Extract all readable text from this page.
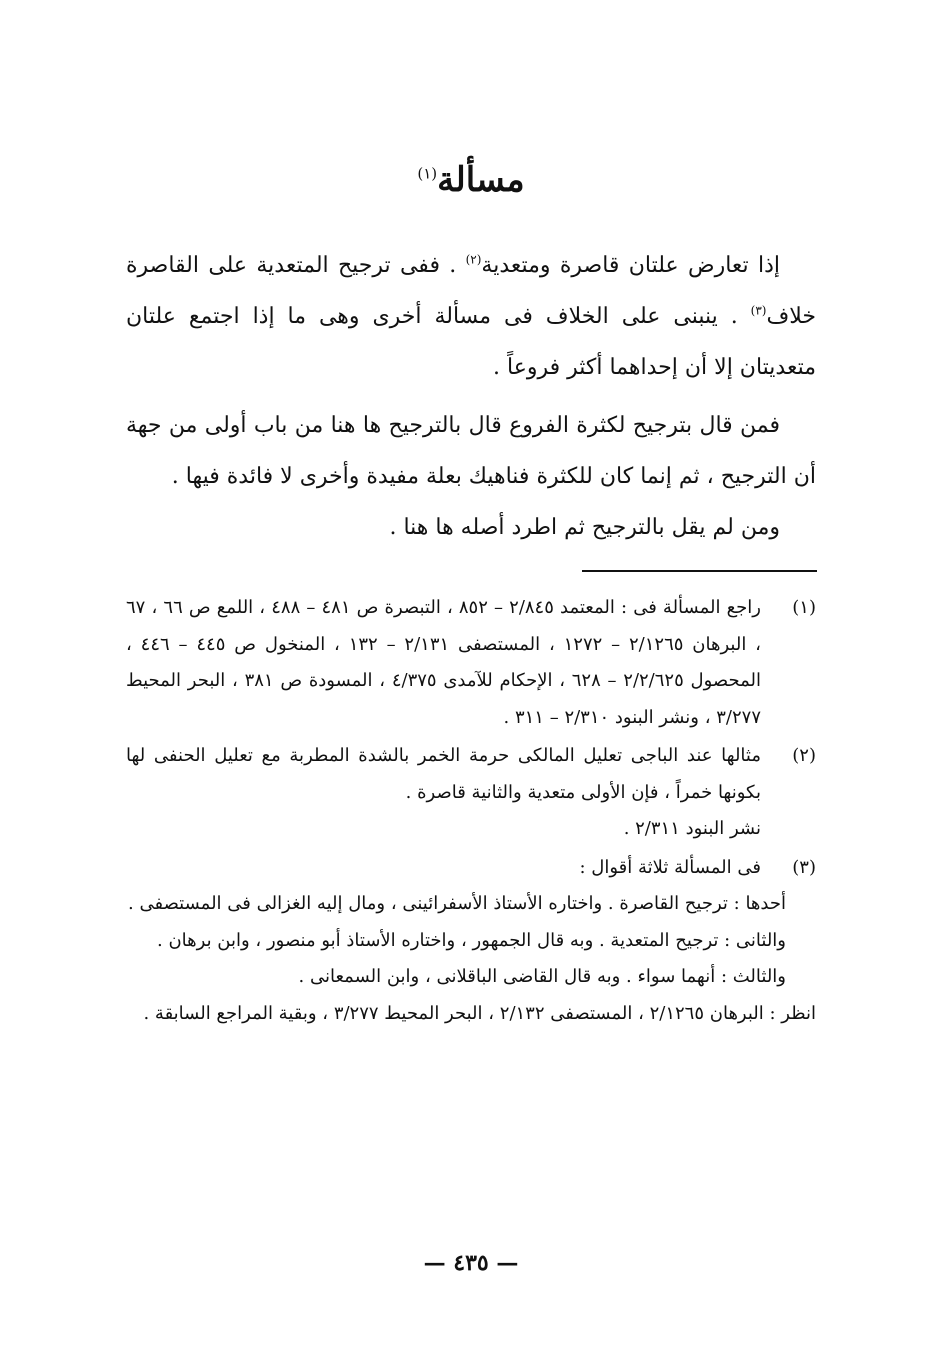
مسألة$^{(١)}$

إذا تعارض علتان قاصرة ومتعدية$^{(٢)}$ . ففى ترجيح المتعدية على القاصرة خلاف$^{(٣)}$ . ينبنى على الخلاف فى مسألة أخرى وهى ما إذا اجتمع علتان متعديتان إلا أن إحداهما أكثر فروعاً .

فمن قال بترجيح لكثرة الفروع قال بالترجيح ها هنا من باب أولى من جهة أن الترجيح ، ثم إنما كان للكثرة فناهيك بعلة مفيدة وأخرى لا فائدة فيها .

ومن لم يقل بالترجيح ثم اطرد أصله ها هنا .

(١)
راجع المسألة فى : المعتمد ٢/٨٤٥ – ٨٥٢ ، التبصرة ص ٤٨١ – ٤٨٨ ، اللمع ص ٦٦ ، ٦٧ ، البرهان ٢/١٢٦٥ – ١٢٧٢ ، المستصفى ٢/١٣١ – ١٣٢ ، المنخول ص ٤٤٥ – ٤٤٦ ، المحصول ٢/٢/٦٢٥ – ٦٢٨ ، الإحكام للآمدى ٤/٣٧٥ ، المسودة ص ٣٨١ ، البحر المحيط ٣/٢٧٧ ، ونشر البنود ٢/٣١٠ – ٣١١ .
(٢)
مثالها عند الباجى تعليل المالكى حرمة الخمر بالشدة المطربة مع تعليل الحنفى لها بكونها خمراً ، فإن الأولى متعدية والثانية قاصرة .
نشر البنود ٢/٣١١ .
(٣)
فى المسألة ثلاثة أقوال :
أحدها : ترجيح القاصرة . واختاره الأستاذ الأسفرائينى ، ومال إليه الغزالى فى المستصفى .
والثانى : ترجيح المتعدية . وبه قال الجمهور ، واختاره الأستاذ أبو منصور ، وابن برهان .
والثالث : أنهما سواء . وبه قال القاضى الباقلانى ، وابن السمعانى .
انظر : البرهان ٢/١٢٦٥ ، المستصفى ٢/١٣٢ ، البحر المحيط ٣/٢٧٧ ، وبقية المراجع السابقة .
— ٤٣٥ —
